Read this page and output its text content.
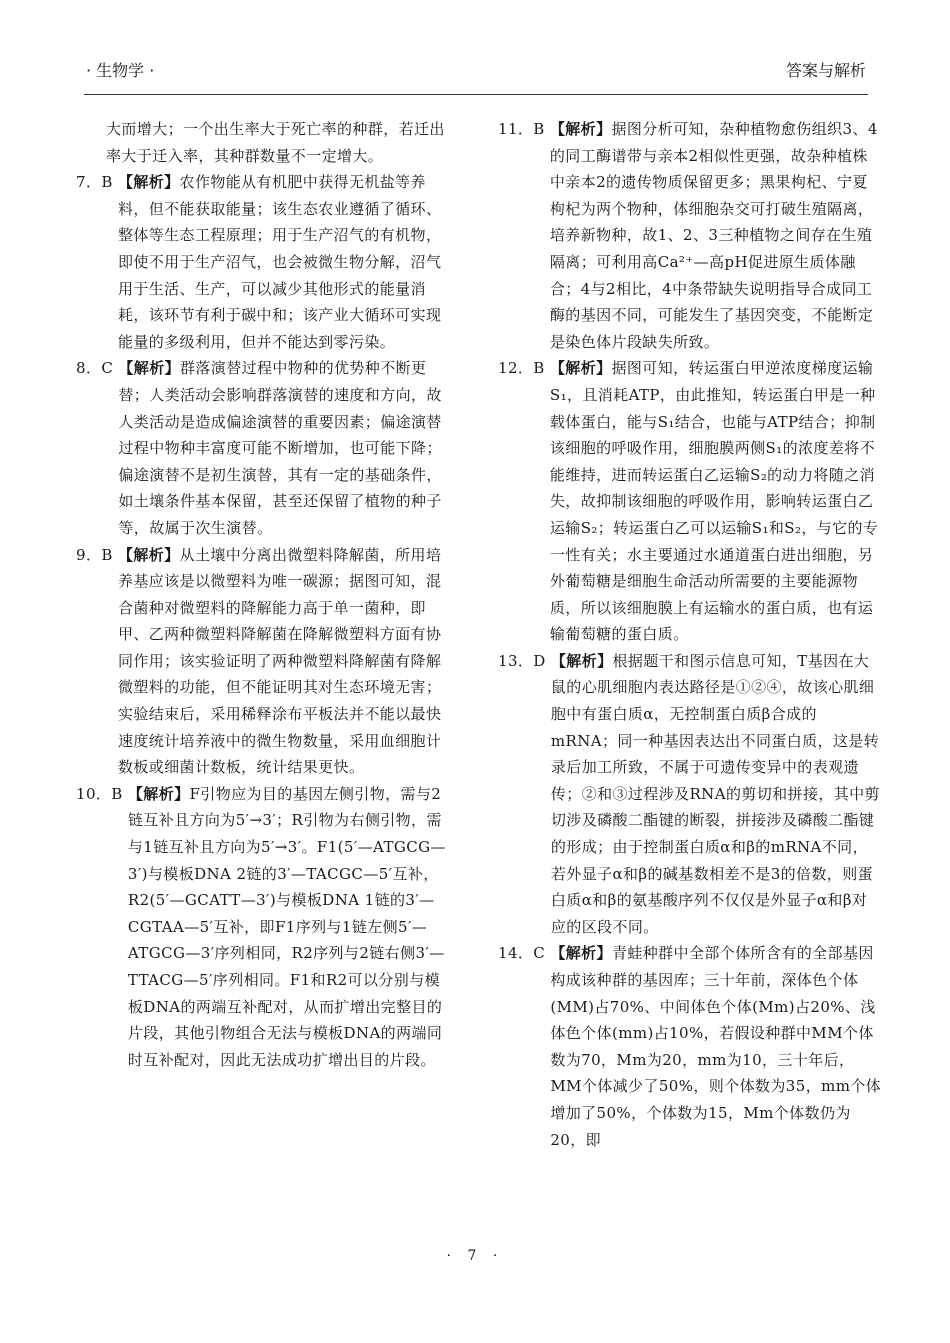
· 生物学 ·	答案与解析
大而增大；一个出生率大于死亡率的种群，若迁出率大于迁入率，其种群数量不一定增大。
7．B 【解析】农作物能从有机肥中获得无机盐等养料，但不能获取能量；该生态农业遵循了循环、整体等生态工程原理；用于生产沼气的有机物，即使不用于生产沼气，也会被微生物分解，沼气用于生活、生产，可以减少其他形式的能量消耗，该环节有利于碳中和；该产业大循环可实现能量的多级利用，但并不能达到零污染。
8．C 【解析】群落演替过程中物种的优势种不断更替；人类活动会影响群落演替的速度和方向，故人类活动是造成偏途演替的重要因素；偏途演替过程中物种丰富度可能不断增加，也可能下降；偏途演替不是初生演替，其有一定的基础条件，如土壤条件基本保留，甚至还保留了植物的种子等，故属于次生演替。
9．B 【解析】从土壤中分离出微塑料降解菌，所用培养基应该是以微塑料为唯一碳源；据图可知，混合菌种对微塑料的降解能力高于单一菌种，即甲、乙两种微塑料降解菌在降解微塑料方面有协同作用；该实验证明了两种微塑料降解菌有降解微塑料的功能，但不能证明其对生态环境无害；实验结束后，采用稀释涂布平板法并不能以最快速度统计培养液中的微生物数量，采用血细胞计数板或细菌计数板，统计结果更快。
10．B 【解析】F引物应为目的基因左侧引物，需与2链互补且方向为5′→3′；R引物为右侧引物，需与1链互补且方向为5′→3′。F1(5′—ATGCG—3′)与模板DNA 2链的3′—TACGC—5′互补，R2(5′—GCATT—3′)与模板DNA 1链的3′—CGTAA—5′互补，即F1序列与1链左侧5′—ATGCG—3′序列相同，R2序列与2链右侧3′—TTACG—5′序列相同。F1和R2可以分别与模板DNA的两端互补配对，从而扩增出完整目的片段，其他引物组合无法与模板DNA的两端同时互补配对，因此无法成功扩增出目的片段。
11．B 【解析】据图分析可知，杂种植物愈伤组织3、4的同工酶谱带与亲本2相似性更强，故杂种植株中亲本2的遗传物质保留更多；黑果枸杞、宁夏枸杞为两个物种，体细胞杂交可打破生殖隔离，培养新物种，故1、2、3三种植物之间存在生殖隔离；可利用高Ca²⁺—高pH促进原生质体融合；4与2相比，4中条带缺失说明指导合成同工酶的基因不同，可能发生了基因突变，不能断定是染色体片段缺失所致。
12．B 【解析】据图可知，转运蛋白甲逆浓度梯度运输S₁，且消耗ATP，由此推知，转运蛋白甲是一种载体蛋白，能与S₁结合，也能与ATP结合；抑制该细胞的呼吸作用，细胞膜两侧S₁的浓度差将不能维持，进而转运蛋白乙运输S₂的动力将随之消失，故抑制该细胞的呼吸作用，影响转运蛋白乙运输S₂；转运蛋白乙可以运输S₁和S₂，与它的专一性有关；水主要通过水通道蛋白进出细胞，另外葡萄糖是细胞生命活动所需要的主要能源物质，所以该细胞膜上有运输水的蛋白质，也有运输葡萄糖的蛋白质。
13．D 【解析】根据题干和图示信息可知，T基因在大鼠的心肌细胞内表达路径是①②④，故该心肌细胞中有蛋白质α，无控制蛋白质β合成的mRNA；同一种基因表达出不同蛋白质，这是转录后加工所致，不属于可遗传变异中的表观遗传；②和③过程涉及RNA的剪切和拼接，其中剪切涉及磷酸二酯键的断裂，拼接涉及磷酸二酯键的形成；由于控制蛋白质α和β的mRNA不同，若外显子α和β的碱基数相差不是3的倍数，则蛋白质α和β的氨基酸序列不仅仅是外显子α和β对应的区段不同。
14．C 【解析】青蛙种群中全部个体所含有的全部基因构成该种群的基因库；三十年前，深体色个体(MM)占70%、中间体色个体(Mm)占20%、浅体色个体(mm)占10%，若假设种群中MM个体数为70，Mm为20，mm为10，三十年后，MM个体减少了50%，则个体数为35，mm个体增加了50%，个体数为15，Mm个体数仍为20，即
· 7 ·
